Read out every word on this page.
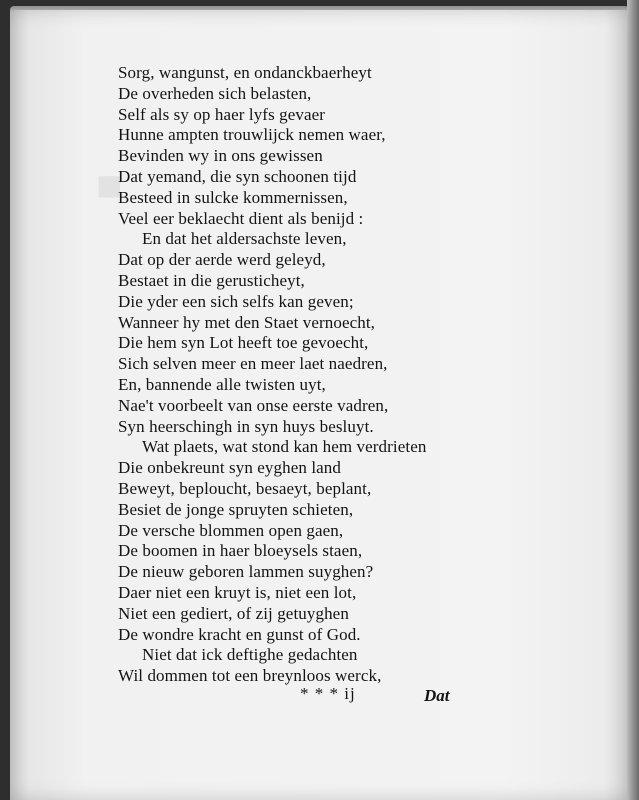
■
Sorg, wangunst, en ondanckbaerheyt
De overheden sich belasten,
Self als sy op haer lyfs gevaer
Hunne ampten trouwlijck nemen waer,
Bevinden wy in ons gewissen
Dat yemand, die syn schoonen tijd
Besteed in sulcke kommernissen,
Veel eer beklaecht dient als benijd :
En dat het aldersachste leven,
Dat op der aerde werd geleyd,
Bestaet in die gerusticheyt,
Die yder een sich selfs kan geven;
Wanneer hy met den Staet vernoecht,
Die hem syn Lot heeft toe gevoecht,
Sich selven meer en meer laet naedren,
En, bannende alle twisten uyt,
Nae't voorbeelt van onse eerste vadren,
Syn heerschingh in syn huys besluyt.
Wat plaets, wat stond kan hem verdrieten
Die onbekreunt syn eyghen land
Beweyt, beploucht, besaeyt, beplant,
Besiet de jonge spruyten schieten,
De versche blommen open gaen,
De boomen in haer bloeysels staen,
De nieuw geboren lammen suyghen?
Daer niet een kruyt is, niet een lot,
Niet een gediert, of zij getuyghen
De wondre kracht en gunst of God.
Niet dat ick deftighe gedachten
Wil dommen tot een breynloos werck,
* * * ij	Dat
